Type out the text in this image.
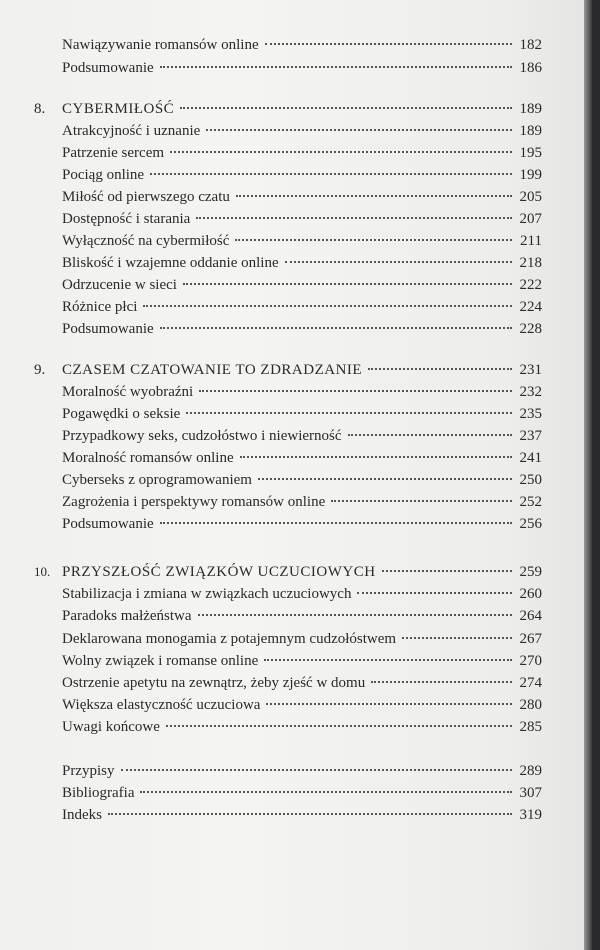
Nawiązywanie romansów online	182
Podsumowanie	186
8.	CYBERMIŁOŚĆ	189
Atrakcyjność i uznanie	189
Patrzenie sercem	195
Pociąg online	199
Miłość od pierwszego czatu	205
Dostępność i starania	207
Wyłączność na cybermiłość	211
Bliskość i wzajemne oddanie online	218
Odrzucenie w sieci	222
Różnice płci	224
Podsumowanie	228
9.	CZASEM CZATOWANIE TO ZDRADZANIE	231
Moralność wyobraźni	232
Pogawędki o seksie	235
Przypadkowy seks, cudzołóstwo i niewierność	237
Moralność romansów online	241
Cyberseks z oprogramowaniem	250
Zagrożenia i perspektywy romansów online	252
Podsumowanie	256
10. PRZYSZŁOŚĆ ZWIĄZKÓW UCZUCIOWYCH	259
Stabilizacja i zmiana w związkach uczuciowych	260
Paradoks małżeństwa	264
Deklarowana monogamia z potajemnym cudzołóstwem	267
Wolny związek i romanse online	270
Ostrzenie apetytu na zewnątrz, żeby zjeść w domu	274
Większa elastyczność uczuciowa	280
Uwagi końcowe	285
Przypisy	289
Bibliografia	307
Indeks	319
